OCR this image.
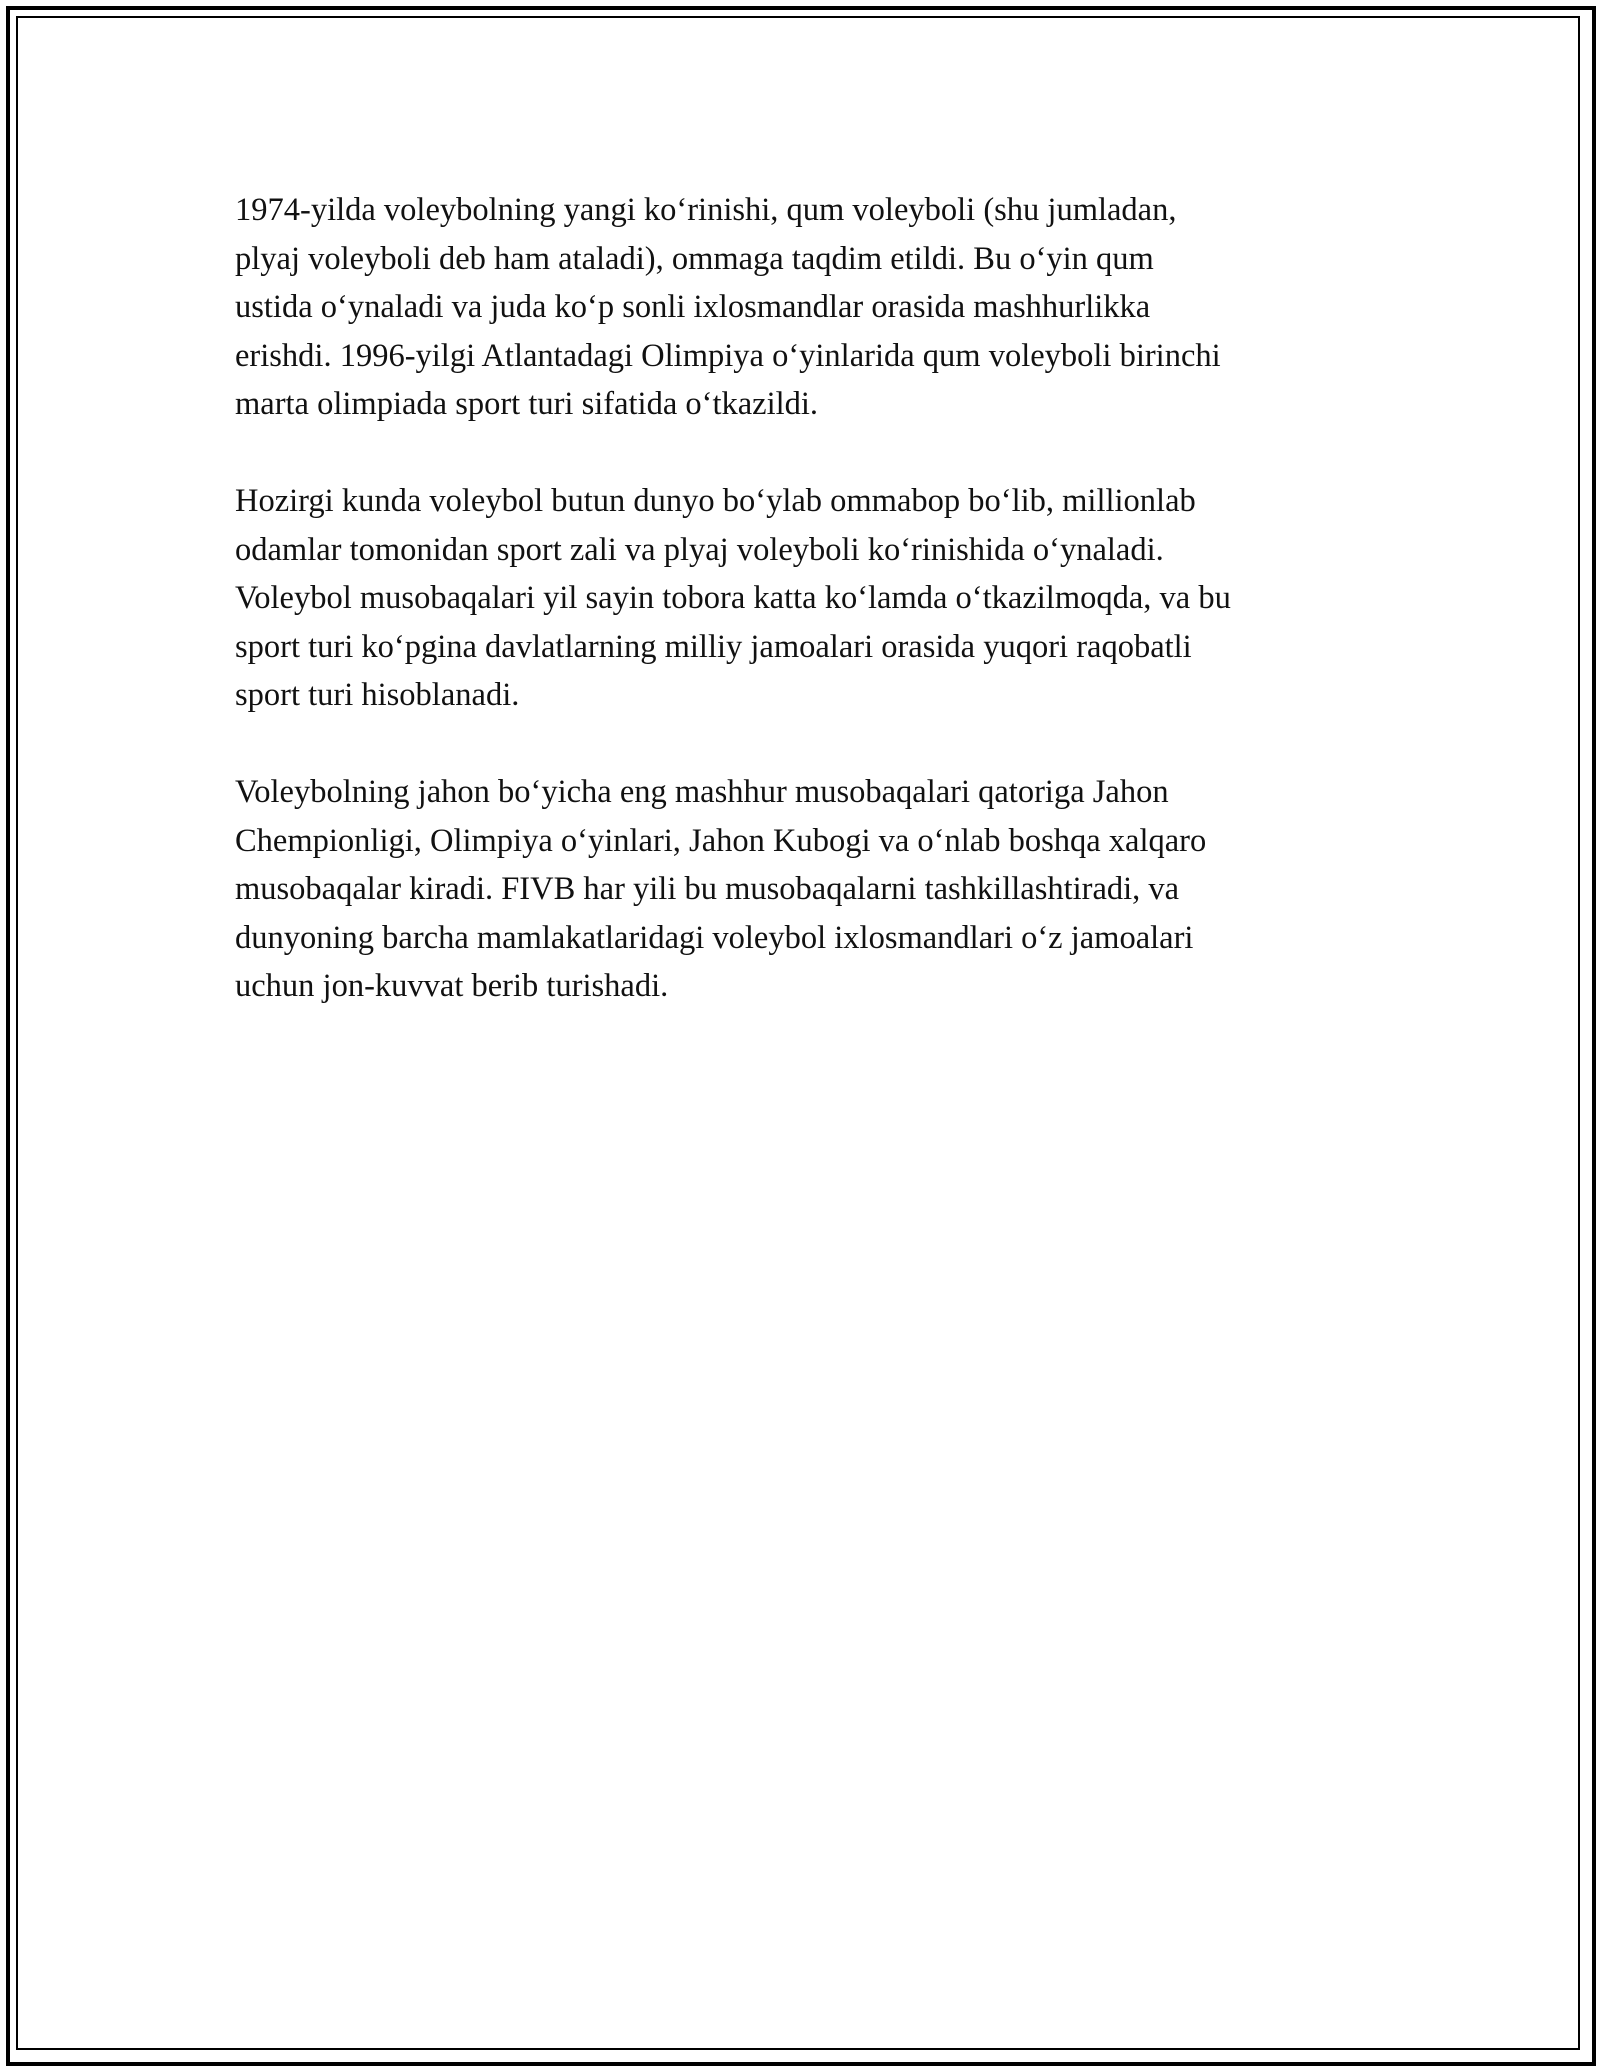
1974-yilda voleybolning yangi ko‘rinishi, qum voleyboli (shu jumladan,
plyaj voleyboli deb ham ataladi), ommaga taqdim etildi. Bu o‘yin qum
ustida o‘ynaladi va juda ko‘p sonli ixlosmandlar orasida mashhurlikka
erishdi. 1996-yilgi Atlantadagi Olimpiya o‘yinlarida qum voleyboli birinchi
marta olimpiada sport turi sifatida o‘tkazildi.

Hozirgi kunda voleybol butun dunyo bo‘ylab ommabop bo‘lib, millionlab
odamlar tomonidan sport zali va plyaj voleyboli ko‘rinishida o‘ynaladi.
Voleybol musobaqalari yil sayin tobora katta ko‘lamda o‘tkazilmoqda, va bu
sport turi ko‘pgina davlatlarning milliy jamoalari orasida yuqori raqobatli
sport turi hisoblanadi.

Voleybolning jahon bo‘yicha eng mashhur musobaqalari qatoriga Jahon
Chempionligi, Olimpiya o‘yinlari, Jahon Kubogi va o‘nlab boshqa xalqaro
musobaqalar kiradi. FIVB har yili bu musobaqalarni tashkillashtiradi, va
dunyoning barcha mamlakatlaridagi voleybol ixlosmandlari o‘z jamoalari
uchun jon-kuvvat berib turishadi.
